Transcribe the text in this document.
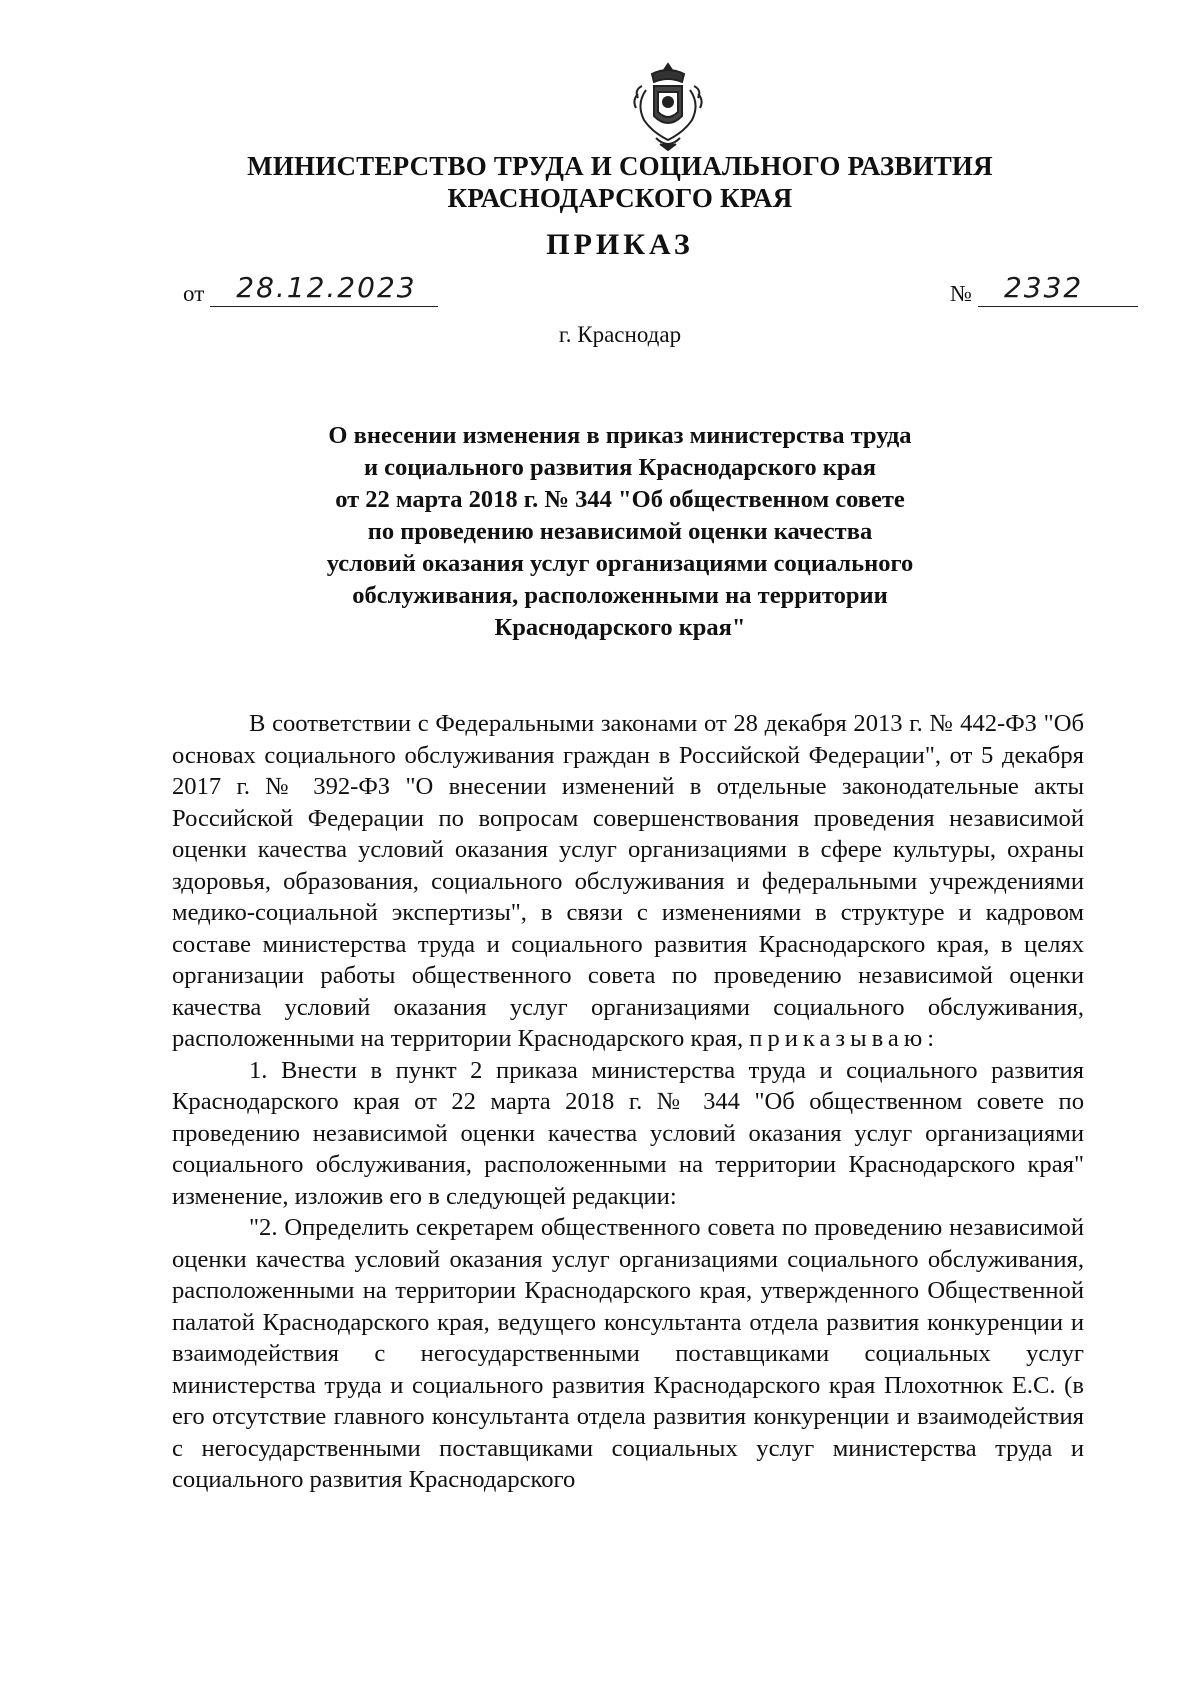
МИНИСТЕРСТВО ТРУДА И СОЦИАЛЬНОГО РАЗВИТИЯ
КРАСНОДАРСКОГО КРАЯ
ПРИКАЗ
от 28.12.2023	№ 2332
г. Краснодар
О внесении изменения в приказ министерства труда
и социального развития Краснодарского края
от 22 марта 2018 г. № 344 "Об общественном совете
по проведению независимой оценки качества
условий оказания услуг организациями социального
обслуживания, расположенными на территории
Краснодарского края"

В соответствии с Федеральными законами от 28 декабря 2013 г. № 442-ФЗ "Об основах социального обслуживания граждан в Российской Федерации", от 5 декабря 2017 г. № 392-ФЗ "О внесении изменений в отдельные законодательные акты Российской Федерации по вопросам совершенствования проведения независимой оценки качества условий оказания услуг организациями в сфере культуры, охраны здоровья, образования, социального обслуживания и федеральными учреждениями медико-социальной экспертизы", в связи с изменениями в структуре и кадровом составе министерства труда и социального развития Краснодарского края, в целях организации работы общественного совета по проведению независимой оценки качества условий оказания услуг организациями социального обслуживания, расположенными на территории Краснодарского края, приказываю:

1. Внести в пункт 2 приказа министерства труда и социального развития Краснодарского края от 22 марта 2018 г. № 344 "Об общественном совете по проведению независимой оценки качества условий оказания услуг организациями социального обслуживания, расположенными на территории Краснодарского края" изменение, изложив его в следующей редакции:

"2. Определить секретарем общественного совета по проведению независимой оценки качества условий оказания услуг организациями социального обслуживания, расположенными на территории Краснодарского края, утвержденного Общественной палатой Краснодарского края, ведущего консультанта отдела развития конкуренции и взаимодействия с негосударственными поставщиками социальных услуг министерства труда и социального развития Краснодарского края Плохотнюк Е.С. (в его отсутствие главного консультанта отдела развития конкуренции и взаимодействия с негосударственными поставщиками социальных услуг министерства труда и социального развития Краснодарского
